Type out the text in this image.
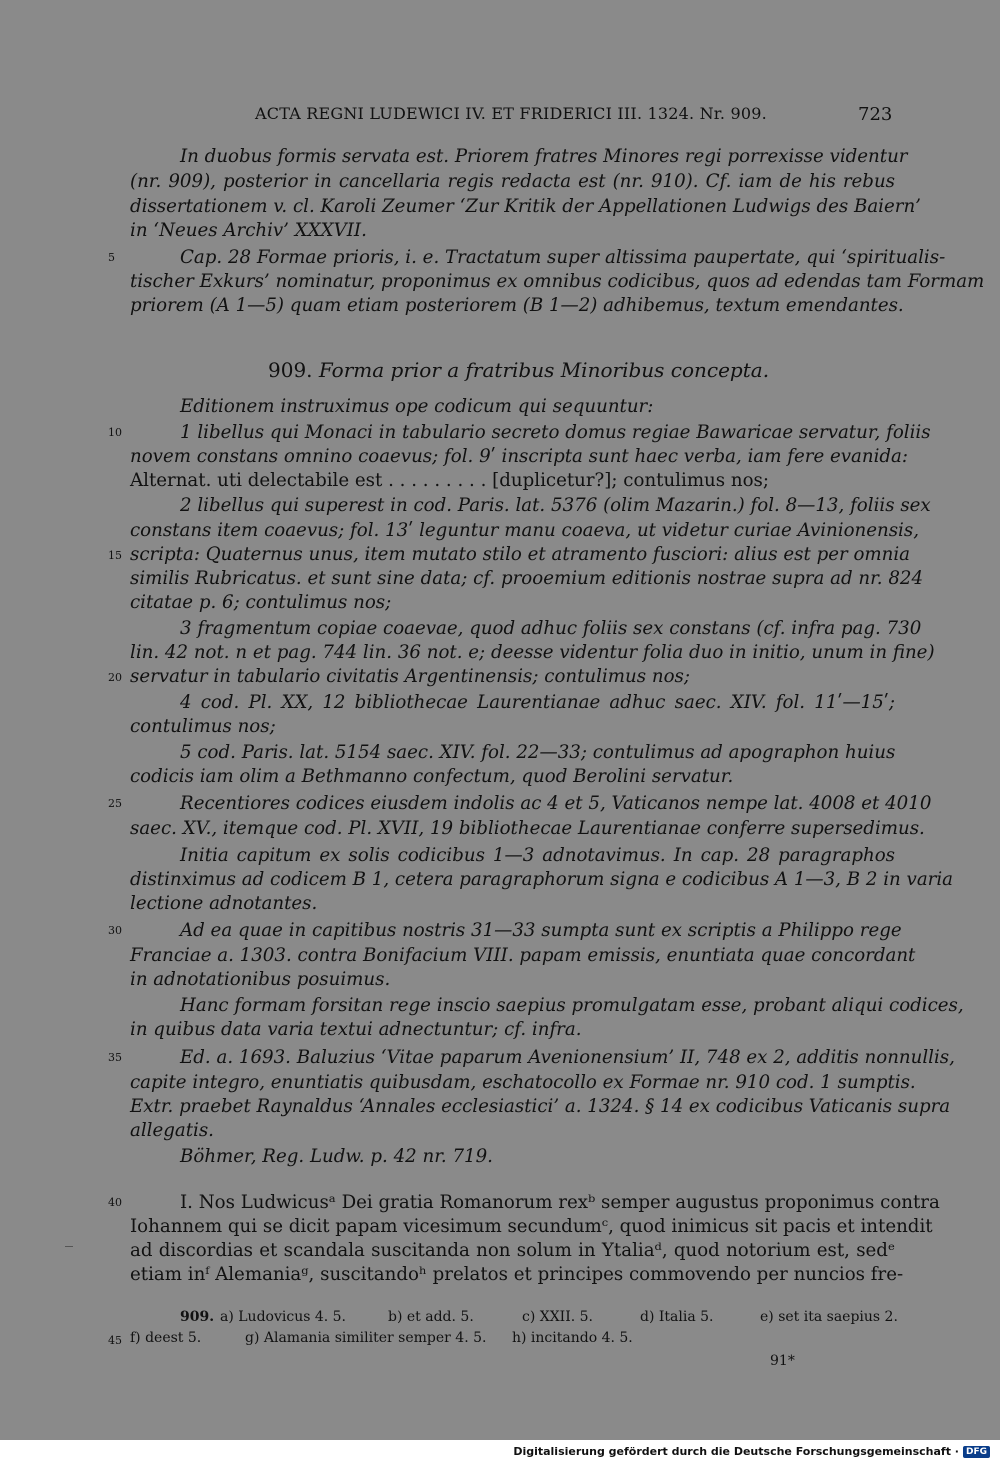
ACTA REGNI LUDEWICI IV. ET FRIDERICI III. 1324. Nr. 909.	723
In duobus formis servata est. Priorem fratres Minores regi porrexisse videntur
(nr. 909), posterior in cancellaria regis redacta est (nr. 910). Cf. iam de his rebus
dissertationem v. cl. Karoli Zeumer ‘Zur Kritik der Appellationen Ludwigs des Baiern’
in ‘Neues Archiv’ XXXVII.
5	Cap. 28 Formae prioris, i. e. Tractatum super altissima paupertate, qui ‘spiritualis-
tischer Exkurs’ nominatur, proponimus ex omnibus codicibus, quos ad edendas tam Formam
priorem (A 1—5) quam etiam posteriorem (B 1—2) adhibemus, textum emendantes.
909. Forma prior a fratribus Minoribus concepta.
Editionem instruximus ope codicum qui sequuntur:
10	1 libellus qui Monaci in tabulario secreto domus regiae Bawaricae servatur, foliis
novem constans omnino coaevus; fol. 9ʹ inscripta sunt haec verba, iam fere evanida:
Alternat. uti delectabile est . . . . . . . . . [duplicetur?]; contulimus nos;
2 libellus qui superest in cod. Paris. lat. 5376 (olim Mazarin.) fol. 8—13, foliis sex
constans item coaevus; fol. 13ʹ leguntur manu coaeva, ut videtur curiae Avinionensis,
15 scripta: Quaternus unus, item mutato stilo et atramento fusciori: alius est per omnia
similis Rubricatus. et sunt sine data; cf. prooemium editionis nostrae supra ad nr. 824
citatae p. 6; contulimus nos;
3 fragmentum copiae coaevae, quod adhuc foliis sex constans (cf. infra pag. 730
lin. 42 not. n et pag. 744 lin. 36 not. e; deesse videntur folia duo in initio, unum in fine)
20 servatur in tabulario civitatis Argentinensis; contulimus nos;
4 cod. Pl. XX, 12 bibliothecae Laurentianae adhuc saec. XIV. fol. 11ʹ—15ʹ;
contulimus nos;
5 cod. Paris. lat. 5154 saec. XIV. fol. 22—33; contulimus ad apographon huius
codicis iam olim a Bethmanno confectum, quod Berolini servatur.
25	Recentiores codices eiusdem indolis ac 4 et 5, Vaticanos nempe lat. 4008 et 4010
saec. XV., itemque cod. Pl. XVII, 19 bibliothecae Laurentianae conferre supersedimus.
Initia capitum ex solis codicibus 1—3 adnotavimus. In cap. 28 paragraphos
distinximus ad codicem B 1, cetera paragraphorum signa e codicibus A 1—3, B 2 in varia
lectione adnotantes.
30	Ad ea quae in capitibus nostris 31—33 sumpta sunt ex scriptis a Philippo rege
Franciae a. 1303. contra Bonifacium VIII. papam emissis, enuntiata quae concordant
in adnotationibus posuimus.
Hanc formam forsitan rege inscio saepius promulgatam esse, probant aliqui codices,
in quibus data varia textui adnectuntur; cf. infra.
35	Ed. a. 1693. Baluzius ‘Vitae paparum Avenionensium’ II, 748 ex 2, additis nonnullis,
capite integro, enuntiatis quibusdam, eschatocollo ex Formae nr. 910 cod. 1 sumptis.
Extr. praebet Raynaldus ‘Annales ecclesiastici’ a. 1324. § 14 ex codicibus Vaticanis supra
allegatis.
Böhmer, Reg. Ludw. p. 42 nr. 719.
40	I. Nos Ludwicusᵃ Dei gratia Romanorum rexᵇ semper augustus proponimus contra
Iohannem qui se dicit papam vicesimum secundumᶜ, quod inimicus sit pacis et intendit
ad discordias et scandala suscitanda non solum in Ytaliaᵈ, quod notorium est, sedᵉ
etiam inᶠ Alemaniaᵍ, suscitandoʰ prelatos et principes commovendo per nuncios fre-
909. a) Ludovicus 4. 5.	b) et add. 5.	c) XXII. 5.	d) Italia 5.	e) set ita saepius 2.
45 f) deest 5.	g) Alamania similiter semper 4. 5. h) incitando 4. 5.
91*
Digitalisierung gefördert durch die Deutsche Forschungsgemeinschaft · DFG
